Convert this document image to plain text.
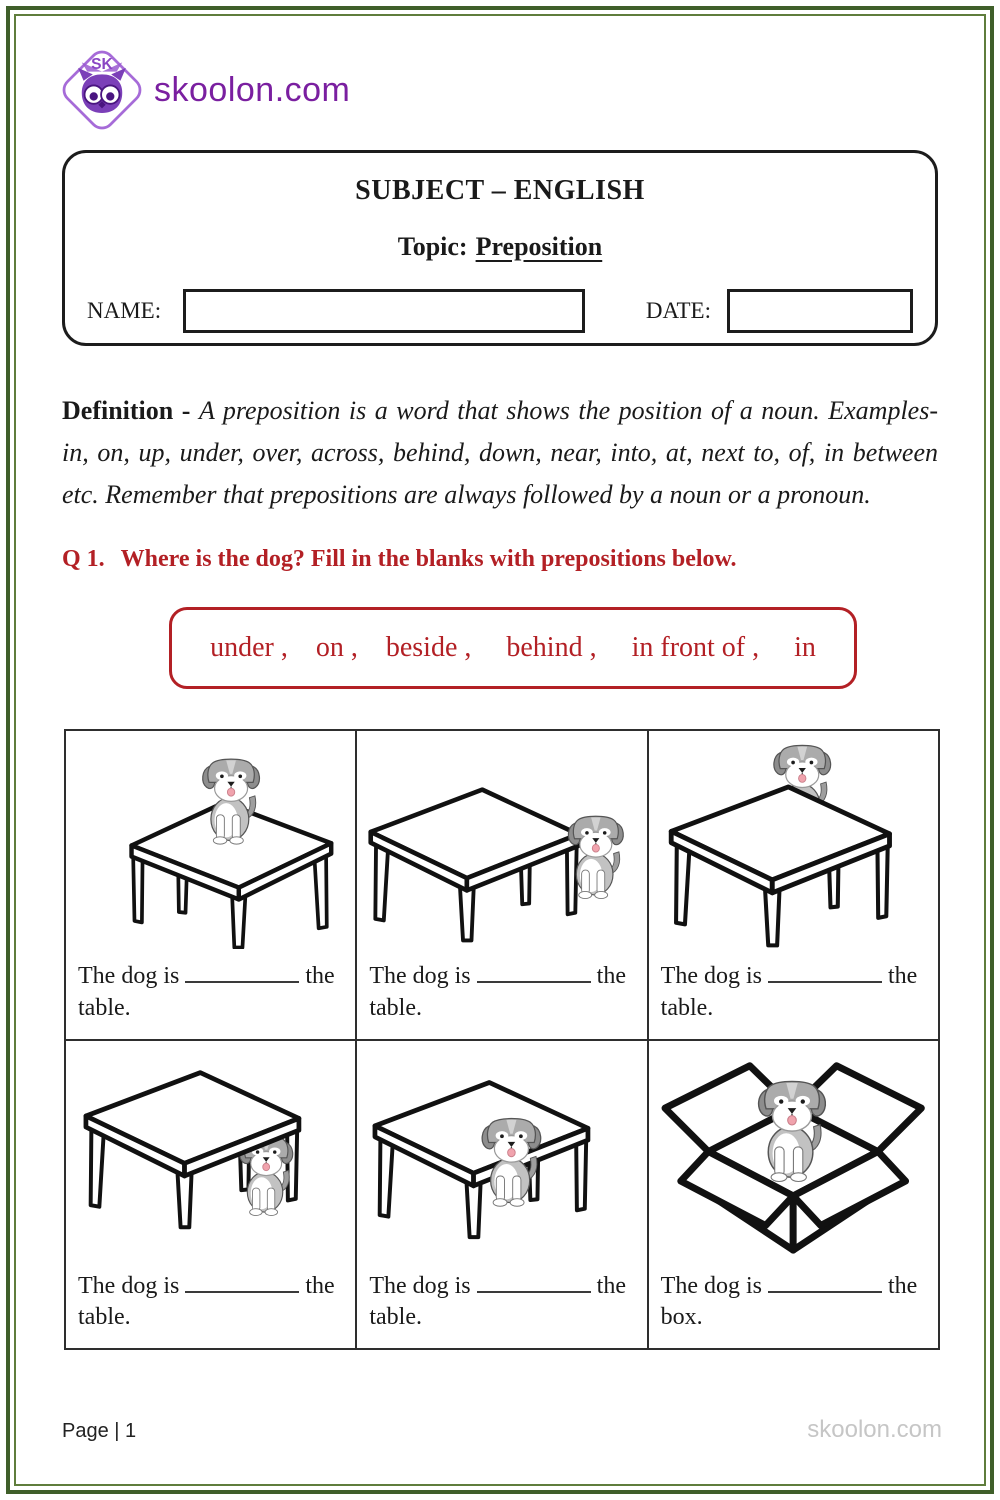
SK
skoolon.com
SUBJECT – ENGLISH
Topic: Preposition
NAME:	DATE:

Definition - A preposition is a word that shows the position of a noun. Examples- in, on, up, under, over, across, behind, down, near, into, at, next to, of, in between etc. Remember that prepositions are always followed by a noun or a pronoun.

Q 1. Where is the dog? Fill in the blanks with prepositions below.
under ,    on ,    beside ,     behind ,     in front of ,     in

The dog is the table.	The dog is the table.	The dog is the table.

The dog is the table.	The dog is the table.	The dog is the box.

Page | 1	skoolon.com
